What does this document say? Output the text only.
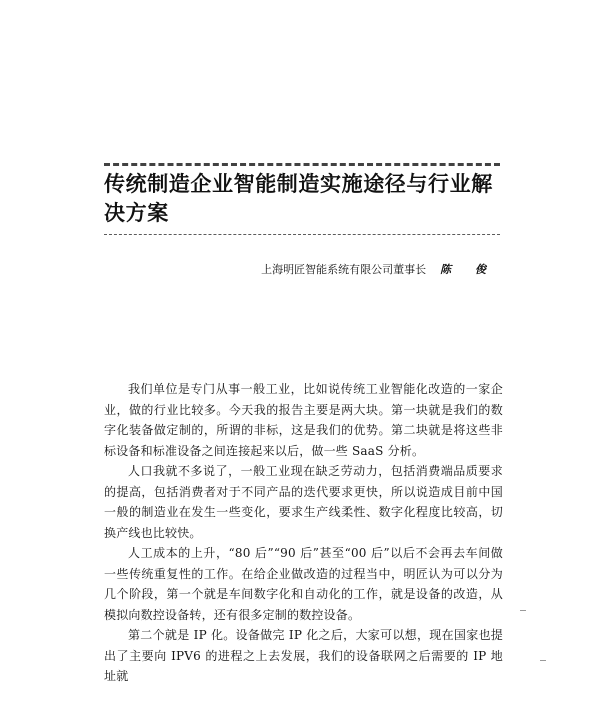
传统制造企业智能制造实施途径与行业解决方案
上海明匠智能系统有限公司董事长 陈 俊

我们单位是专门从事一般工业，比如说传统工业智能化改造的一家企业，做的行业比较多。今天我的报告主要是两大块。第一块就是我们的数字化装备做定制的，所谓的非标，这是我们的优势。第二块就是将这些非标设备和标准设备之间连接起来以后，做一些 SaaS 分析。

人口我就不多说了，一般工业现在缺乏劳动力，包括消费端品质要求的提高，包括消费者对于不同产品的迭代要求更快，所以说造成目前中国一般的制造业在发生一些变化，要求生产线柔性、数字化程度比较高，切换产线也比较快。

人工成本的上升，“80 后”“90 后”甚至“00 后”以后不会再去车间做一些传统重复性的工作。在给企业做改造的过程当中，明匠认为可以分为几个阶段，第一个就是车间数字化和自动化的工作，就是设备的改造，从模拟向数控设备转，还有很多定制的数控设备。

第二个就是 IP 化。设备做完 IP 化之后，大家可以想，现在国家也提出了主要向 IPV6 的进程之上去发展，我们的设备联网之后需要的 IP 地址就
